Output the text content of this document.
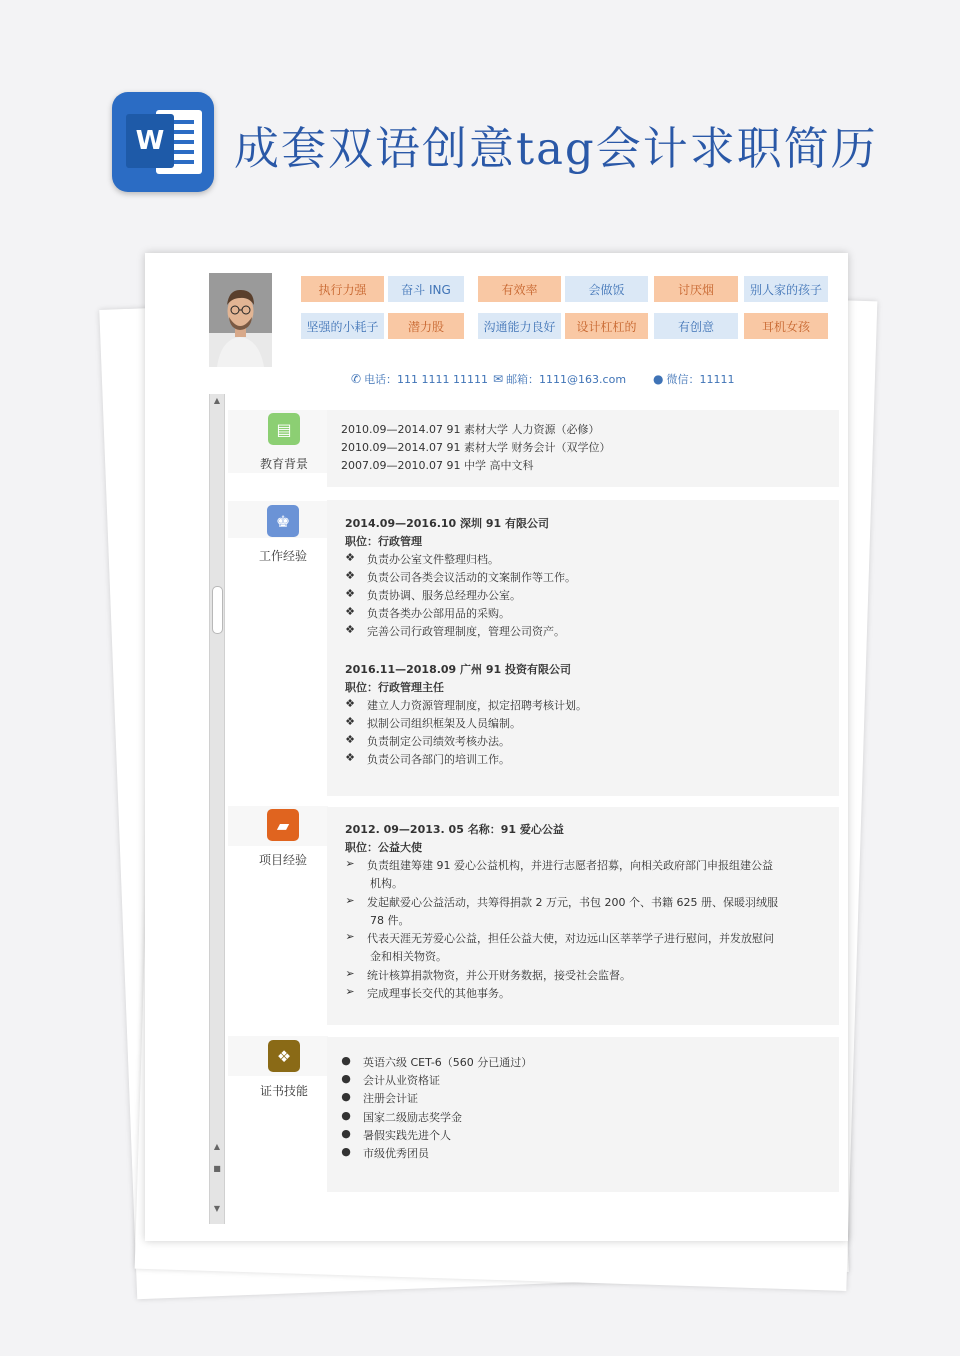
W 成套双语创意tag会计求职简历
执行力强	奋斗 ING	有效率	会做饭	讨厌烟	别人家的孩子
坚强的小耗子	潜力股	沟通能力良好	设计杠杠的	有创意	耳机女孩
✆ 电话：111 1111 11111 ✉ 邮箱：1111@163.com ● 微信：11111
▲
▲
■
▼
▤
教育背景
2010.09—2014.07 91 素材大学 人力资源（必修）
2010.09—2014.07 91 素材大学 财务会计（双学位）
2007.09—2010.07 91 中学 高中文科
♚
工作经验
2014.09—2016.10 深圳 91 有限公司
职位：行政管理
❖ 负责办公室文件整理归档。
❖ 负责公司各类会议活动的文案制作等工作。
❖ 负责协调、服务总经理办公室。
❖ 负责各类办公部用品的采购。
❖ 完善公司行政管理制度，管理公司资产。
2016.11—2018.09 广州 91 投资有限公司
职位：行政管理主任
❖ 建立人力资源管理制度，拟定招聘考核计划。
❖ 拟制公司组织框架及人员编制。
❖ 负责制定公司绩效考核办法。
❖ 负责公司各部门的培训工作。
▰
项目经验
2012. 09—2013. 05 名称：91 爱心公益
职位：公益大使
➢ 负责组建筹建 91 爱心公益机构，并进行志愿者招募，向相关政府部门申报组建公益
机构。
➢ 发起献爱心公益活动，共筹得捐款 2 万元，书包 200 个、书籍 625 册、保暖羽绒服
78 件。
➢ 代表天涯无芳爱心公益，担任公益大使，对边远山区莘莘学子进行慰问，并发放慰问
金和相关物资。
➢ 统计核算捐款物资，并公开财务数据，接受社会监督。
➢ 完成理事长交代的其他事务。
❖
证书技能
● 英语六级 CET-6（560 分已通过）
● 会计从业资格证
● 注册会计证
● 国家二级励志奖学金
● 暑假实践先进个人
● 市级优秀团员
